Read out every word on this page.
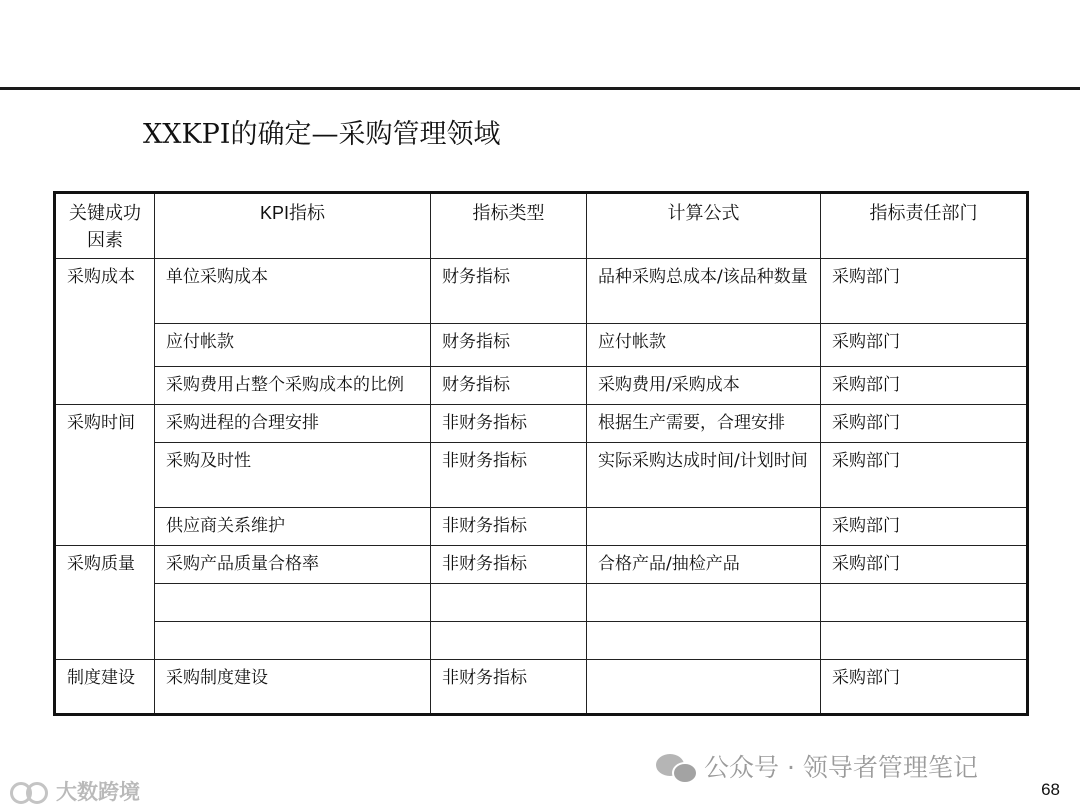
XXKPI的确定—采购管理领域
关键成功因素	KPI指标	指标类型	计算公式	指标责任部门
采购成本	单位采购成本	财务指标	品种采购总成本/该品种数量	采购部门
	应付帐款	财务指标	应付帐款	采购部门
	采购费用占整个采购成本的比例	财务指标	采购费用/采购成本	采购部门
采购时间	采购进程的合理安排	非财务指标	根据生产需要，合理安排	采购部门
	采购及时性	非财务指标	实际采购达成时间/计划时间	采购部门
	供应商关系维护	非财务指标		采购部门
采购质量	采购产品质量合格率	非财务指标	合格产品/抽检产品	采购部门

制度建设	采购制度建设	非财务指标		采购部门
公众号 · 领导者管理笔记
大数跨境	68
